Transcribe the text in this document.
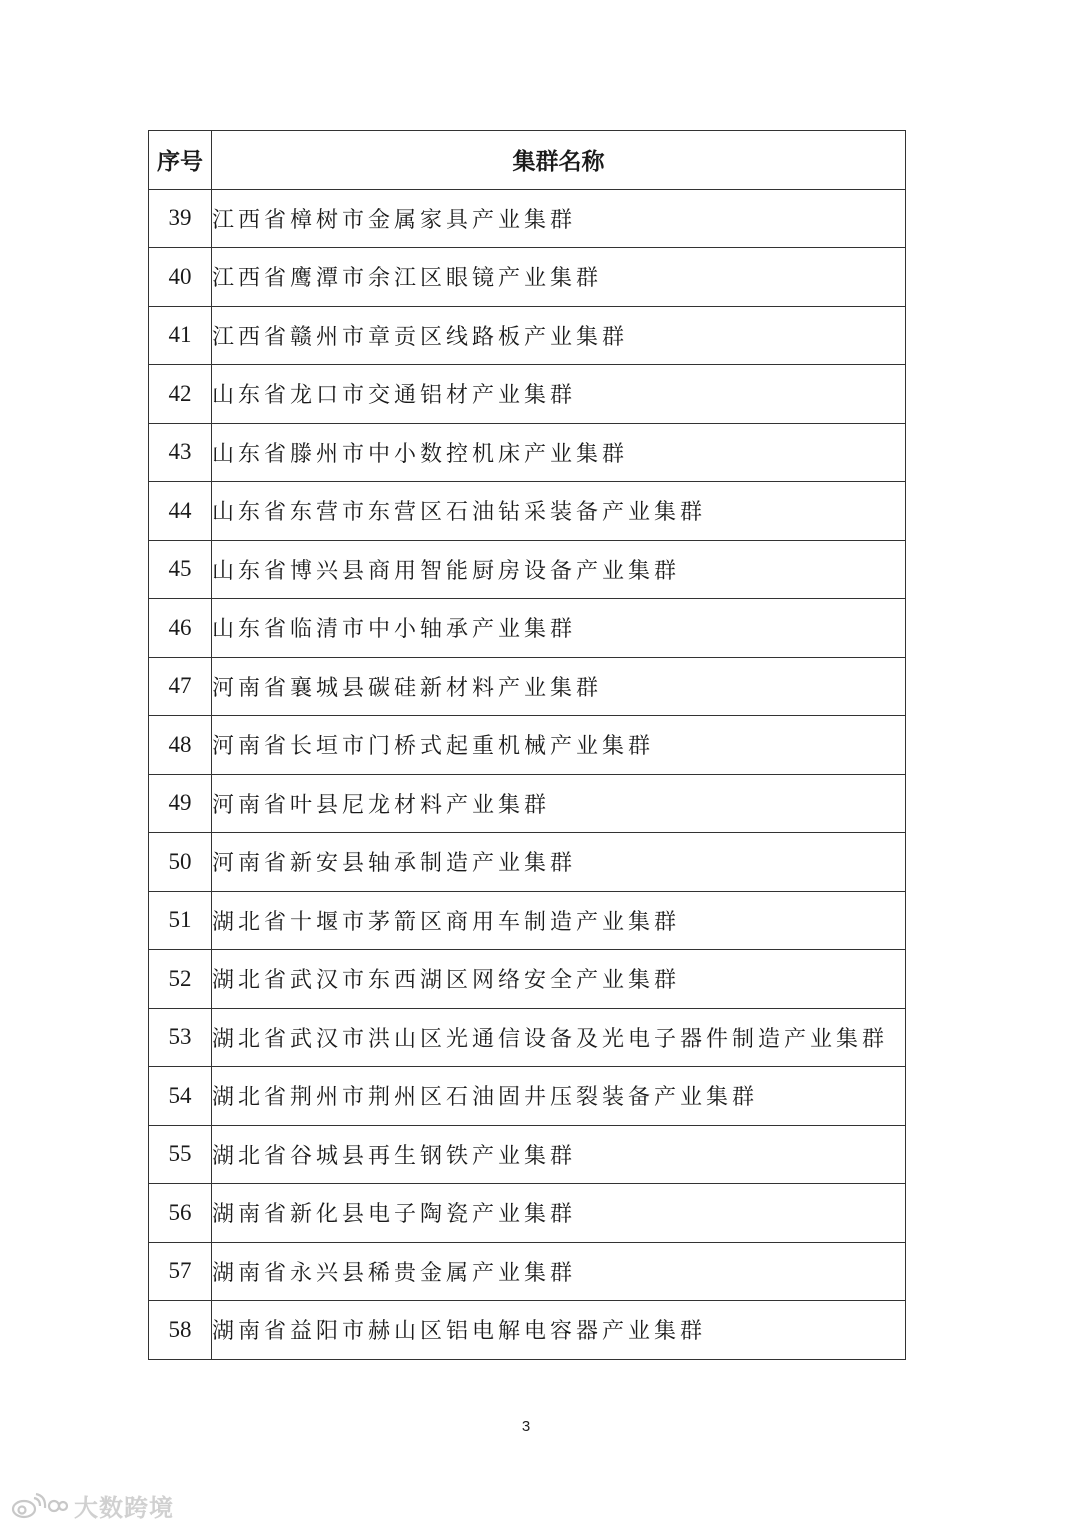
序号	集群名称
39	江西省樟树市金属家具产业集群
40	江西省鹰潭市余江区眼镜产业集群
41	江西省赣州市章贡区线路板产业集群
42	山东省龙口市交通铝材产业集群
43	山东省滕州市中小数控机床产业集群
44	山东省东营市东营区石油钻采装备产业集群
45	山东省博兴县商用智能厨房设备产业集群
46	山东省临清市中小轴承产业集群
47	河南省襄城县碳硅新材料产业集群
48	河南省长垣市门桥式起重机械产业集群
49	河南省叶县尼龙材料产业集群
50	河南省新安县轴承制造产业集群
51	湖北省十堰市茅箭区商用车制造产业集群
52	湖北省武汉市东西湖区网络安全产业集群
53	湖北省武汉市洪山区光通信设备及光电子器件制造产业集群
54	湖北省荆州市荆州区石油固井压裂装备产业集群
55	湖北省谷城县再生钢铁产业集群
56	湖南省新化县电子陶瓷产业集群
57	湖南省永兴县稀贵金属产业集群
58	湖南省益阳市赫山区铝电解电容器产业集群
3
大数跨境
